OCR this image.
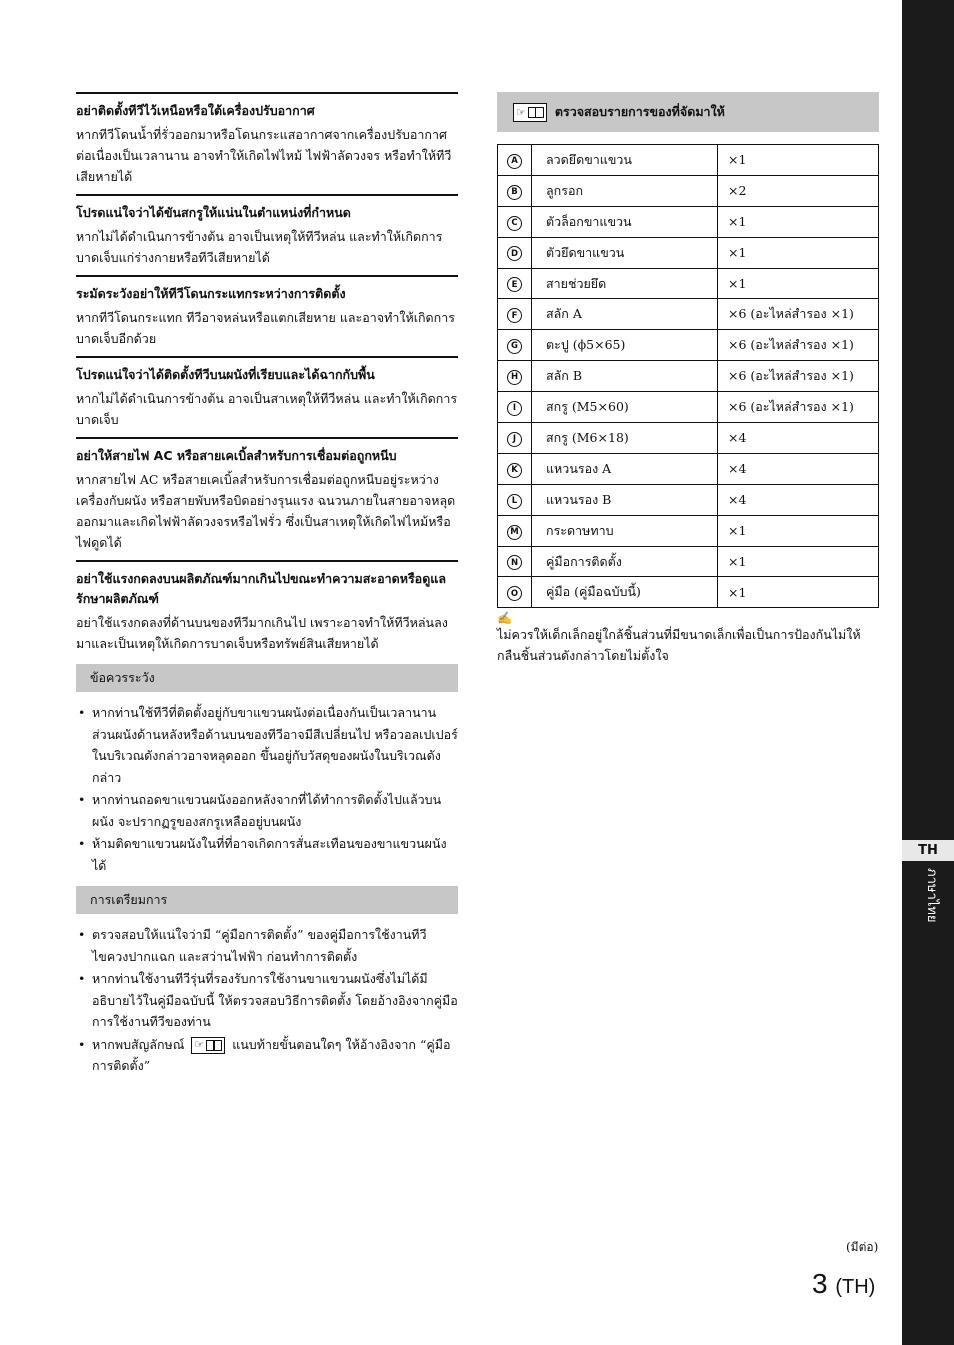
TH
ภาษาไทย
อย่าติดตั้งทีวีไว้เหนือหรือใต้เครื่องปรับอากาศ

หากทีวีโดนน้ำที่รั่วออกมาหรือโดนกระแสอากาศจากเครื่องปรับอากาศต่อเนื่องเป็นเวลานาน อาจทำให้เกิดไฟไหม้ ไฟฟ้าลัดวงจร หรือทำให้ทีวีเสียหายได้

โปรดแน่ใจว่าได้ขันสกรูให้แน่นในตำแหน่งที่กำหนด

หากไม่ได้ดำเนินการข้างต้น อาจเป็นเหตุให้ทีวีหล่น และทำให้เกิดการบาดเจ็บแก่ร่างกายหรือทีวีเสียหายได้

ระมัดระวังอย่าให้ทีวีโดนกระแทกระหว่างการติดตั้ง

หากทีวีโดนกระแทก ทีวีอาจหล่นหรือแตกเสียหาย และอาจทำให้เกิดการบาดเจ็บอีกด้วย

โปรดแน่ใจว่าได้ติดตั้งทีวีบนผนังที่เรียบและได้ฉากกับพื้น

หากไม่ได้ดำเนินการข้างต้น อาจเป็นสาเหตุให้ทีวีหล่น และทำให้เกิดการบาดเจ็บ

อย่าให้สายไฟ AC หรือสายเคเบิ้ลสำหรับการเชื่อมต่อถูกหนีบ

หากสายไฟ AC หรือสายเคเบิ้ลสำหรับการเชื่อมต่อถูกหนีบอยู่ระหว่างเครื่องกับผนัง หรือสายพับหรือบิดอย่างรุนแรง ฉนวนภายในสายอาจหลุดออกมาและเกิดไฟฟ้าลัดวงจรหรือไฟรั่ว ซึ่งเป็นสาเหตุให้เกิดไฟไหม้หรือไฟดูดได้

อย่าใช้แรงกดลงบนผลิตภัณฑ์มากเกินไปขณะทำความสะอาดหรือดูแลรักษาผลิตภัณฑ์

อย่าใช้แรงกดลงที่ด้านบนของทีวีมากเกินไป เพราะอาจทำให้ทีวีหล่นลงมาและเป็นเหตุให้เกิดการบาดเจ็บหรือทรัพย์สินเสียหายได้

ข้อควรระวัง
• หากท่านใช้ทีวีที่ติดตั้งอยู่กับขาแขวนผนังต่อเนื่องกันเป็นเวลานาน ส่วนผนังด้านหลังหรือด้านบนของทีวีอาจมีสีเปลี่ยนไป หรือวอลเปเปอร์ในบริเวณดังกล่าวอาจหลุดออก ขึ้นอยู่กับวัสดุของผนังในบริเวณดังกล่าว
• หากท่านถอดขาแขวนผนังออกหลังจากที่ได้ทำการติดตั้งไปแล้วบนผนัง จะปรากฏรูของสกรูเหลืออยู่บนผนัง
• ห้ามติดขาแขวนผนังในที่ที่อาจเกิดการสั่นสะเทือนของขาแขวนผนังได้
การเตรียมการ
• ตรวจสอบให้แน่ใจว่ามี “คู่มือการติดตั้ง” ของคู่มือการใช้งานทีวีไขควงปากแฉก และสว่านไฟฟ้า ก่อนทำการติดตั้ง
• หากท่านใช้งานทีวีรุ่นที่รองรับการใช้งานขาแขวนผนังซึ่งไม่ได้มีอธิบายไว้ในคู่มือฉบับนี้ ให้ตรวจสอบวิธีการติดตั้ง โดยอ้างอิงจากคู่มือการใช้งานทีวีของท่าน
• หากพบสัญลักษณ์ ☞ แนบท้ายขั้นตอนใดๆ ให้อ้างอิงจาก “คู่มือการติดตั้ง”
☞	ตรวจสอบรายการของที่จัดมาให้
A	ลวดยึดขาแขวน	×1
B	ลูกรอก	×2
C	ตัวล็อกขาแขวน	×1
D	ตัวยึดขาแขวน	×1
E	สายช่วยยึด	×1
F	สลัก A	×6 (อะไหล่สำรอง ×1)
G	ตะปู (ϕ5×65)	×6 (อะไหล่สำรอง ×1)
H	สลัก B	×6 (อะไหล่สำรอง ×1)
I	สกรู (M5×60)	×6 (อะไหล่สำรอง ×1)
J	สกรู (M6×18)	×4
K	แหวนรอง A	×4
L	แหวนรอง B	×4
M	กระดาษทาบ	×1
N	คู่มือการติดตั้ง	×1
O	คู่มือ (คู่มือฉบับนี้)	×1
✍

ไม่ควรให้เด็กเล็กอยู่ใกล้ชิ้นส่วนที่มีขนาดเล็กเพื่อเป็นการป้องกันไม่ให้กลืนชิ้นส่วนดังกล่าวโดยไม่ตั้งใจ

(มีต่อ)
3 (TH)
